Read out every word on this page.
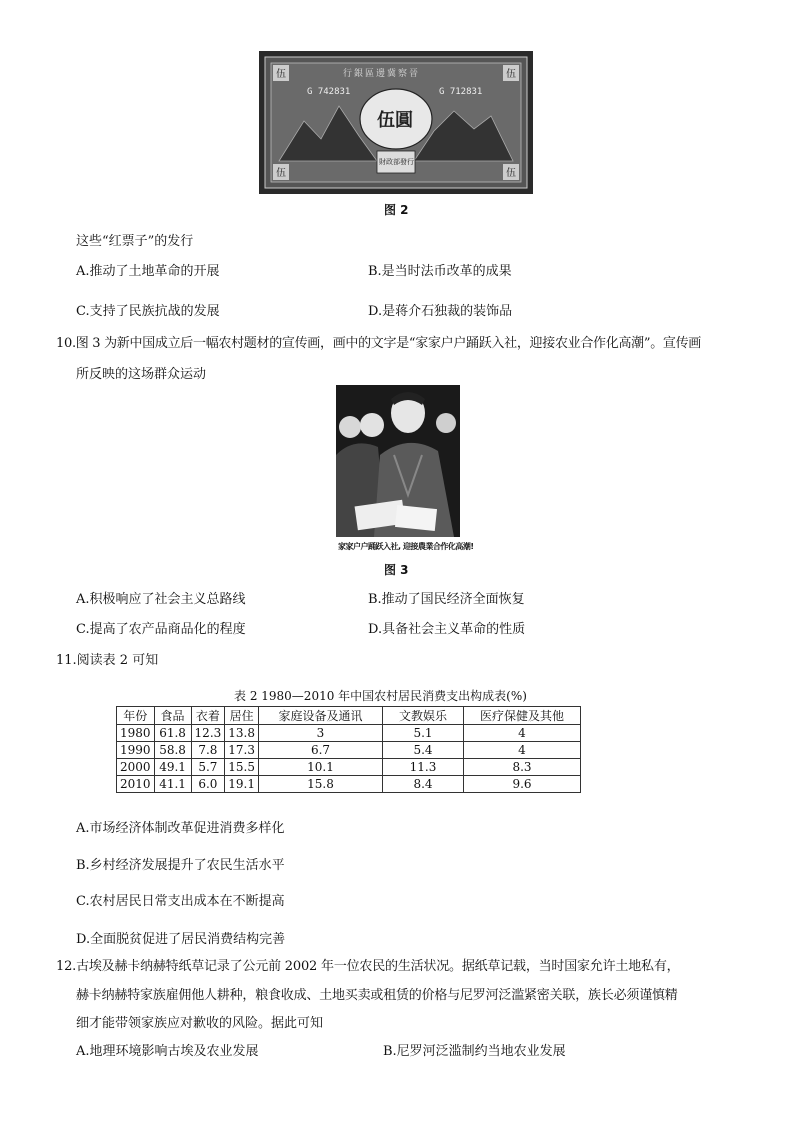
伍	伍
伍	伍
行銀區邊冀察晉
G 742831	G 712831
伍圓
財政部發行
图 2
这些“红票子”的发行
A.推动了土地革命的开展	B.是当时法币改革的成果
C.支持了民族抗战的发展	D.是蒋介石独裁的装饰品
10.图 3 为新中国成立后一幅农村题材的宣传画，画中的文字是“家家户户踊跃入社，迎接农业合作化高潮”。宣传画
所反映的这场群众运动
家家户户踊跃入社, 迎接農業合作化高潮!
图 3
A.积极响应了社会主义总路线	B.推动了国民经济全面恢复
C.提高了农产品商品化的程度	D.具备社会主义革命的性质
11.阅读表 2 可知
表 2 1980—2010 年中国农村居民消费支出构成表(%)
年份	食品	衣着	居住	家庭设备及通讯	文教娱乐	医疗保健及其他
1980	61.8	12.3	13.8	3	5.1	4
1990	58.8	7.8	17.3	6.7	5.4	4
2000	49.1	5.7	15.5	10.1	11.3	8.3
2010	41.1	6.0	19.1	15.8	8.4	9.6
A.市场经济体制改革促进消费多样化
B.乡村经济发展提升了农民生活水平
C.农村居民日常支出成本在不断提高
D.全面脱贫促进了居民消费结构完善
12.古埃及赫卡纳赫特纸草记录了公元前 2002 年一位农民的生活状况。据纸草记载，当时国家允许土地私有，
赫卡纳赫特家族雇佣他人耕种，粮食收成、土地买卖或租赁的价格与尼罗河泛滥紧密关联，族长必须谨慎精
细才能带领家族应对歉收的风险。据此可知
A.地理环境影响古埃及农业发展	B.尼罗河泛滥制约当地农业发展
